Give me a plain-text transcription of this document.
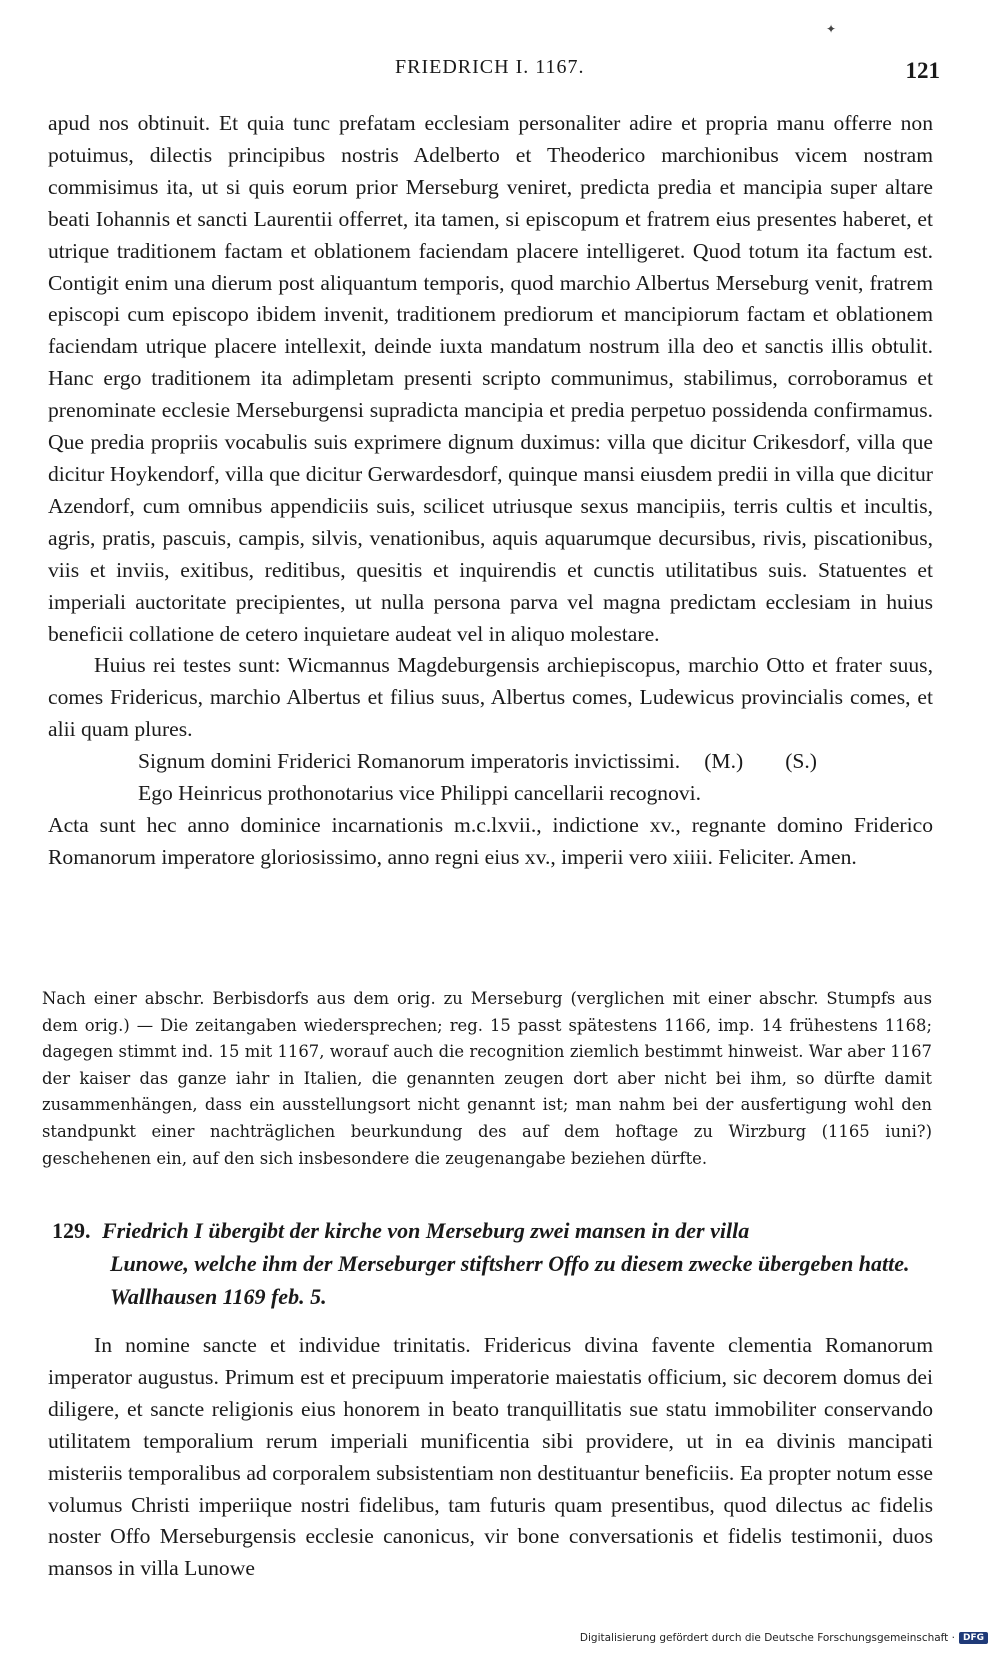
✦
FRIEDRICH I. 1167.	121

apud nos obtinuit. Et quia tunc prefatam ecclesiam personaliter adire et propria manu offerre non potuimus, dilectis principibus nostris Adelberto et Theoderico marchionibus vicem nostram commisimus ita, ut si quis eorum prior Merseburg veniret, predicta predia et mancipia super altare beati Iohannis et sancti Laurentii offerret, ita tamen, si episcopum et fratrem eius presentes haberet, et utrique traditionem factam et oblationem faciendam placere intelligeret. Quod totum ita factum est. Contigit enim una dierum post aliquantum temporis, quod marchio Albertus Merseburg venit, fratrem episcopi cum episcopo ibidem invenit, traditionem prediorum et mancipiorum factam et oblationem faciendam utrique placere intellexit, deinde iuxta mandatum nostrum illa deo et sanctis illis obtulit. Hanc ergo traditionem ita adimpletam presenti scripto communimus, stabilimus, corroboramus et prenominate ecclesie Merseburgensi supradicta mancipia et predia perpetuo possidenda confirmamus. Que predia propriis vocabulis suis exprimere dignum duximus: villa que dicitur Crikesdorf, villa que dicitur Hoykendorf, villa que dicitur Gerwardesdorf, quinque mansi eiusdem predii in villa que dicitur Azendorf, cum omnibus appendiciis suis, scilicet utriusque sexus mancipiis, terris cultis et incultis, agris, pratis, pascuis, campis, silvis, venationibus, aquis aquarumque decursibus, rivis, piscationibus, viis et inviis, exitibus, reditibus, quesitis et inquirendis et cunctis utilitatibus suis. Statuentes et imperiali auctoritate precipientes, ut nulla persona parva vel magna predictam ecclesiam in huius beneficii collatione de cetero inquietare audeat vel in aliquo molestare.

Huius rei testes sunt: Wicmannus Magdeburgensis archiepiscopus, marchio Otto et frater suus, comes Fridericus, marchio Albertus et filius suus, Albertus comes, Ludewicus provincialis comes, et alii quam plures.

Signum domini Friderici Romanorum imperatoris invictissimi. (M.) (S.)

Ego Heinricus prothonotarius vice Philippi cancellarii recognovi.

Acta sunt hec anno dominice incarnationis m.c.lxvii., indictione xv., regnante domino Friderico Romanorum imperatore gloriosissimo, anno regni eius xv., imperii vero xiiii. Feliciter. Amen.

Nach einer abschr. Berbisdorfs aus dem orig. zu Merseburg (verglichen mit einer abschr. Stumpfs aus dem orig.) — Die zeitangaben wiedersprechen; reg. 15 passt spätestens 1166, imp. 14 frühestens 1168; dagegen stimmt ind. 15 mit 1167, worauf auch die recognition ziemlich bestimmt hinweist. War aber 1167 der kaiser das ganze iahr in Italien, die genannten zeugen dort aber nicht bei ihm, so dürfte damit zusammenhängen, dass ein ausstellungsort nicht genannt ist; man nahm bei der ausfertigung wohl den standpunkt einer nachträglichen beurkundung des auf dem hoftage zu Wirzburg (1165 iuni?) geschehenen ein, auf den sich insbesondere die zeugenangabe beziehen dürfte.
129. Friedrich I übergibt der kirche von Merseburg zwei mansen in der villa
Lunowe, welche ihm der Merseburger stiftsherr Offo zu diesem zwecke übergeben hatte. Wallhausen 1169 feb. 5.

In nomine sancte et individue trinitatis. Fridericus divina favente clementia Romanorum imperator augustus. Primum est et precipuum imperatorie maiestatis officium, sic decorem domus dei diligere, et sancte religionis eius honorem in beato tranquillitatis sue statu immobiliter conservando utilitatem temporalium rerum imperiali munificentia sibi providere, ut in ea divinis mancipati misteriis temporalibus ad corporalem subsistentiam non destituantur beneficiis. Ea propter notum esse volumus Christi imperiique nostri fidelibus, tam futuris quam presentibus, quod dilectus ac fidelis noster Offo Merseburgensis ecclesie canonicus, vir bone conversationis et fidelis testimonii, duos mansos in villa Lunowe

Digitalisierung gefördert durch die Deutsche Forschungsgemeinschaft · DFG
